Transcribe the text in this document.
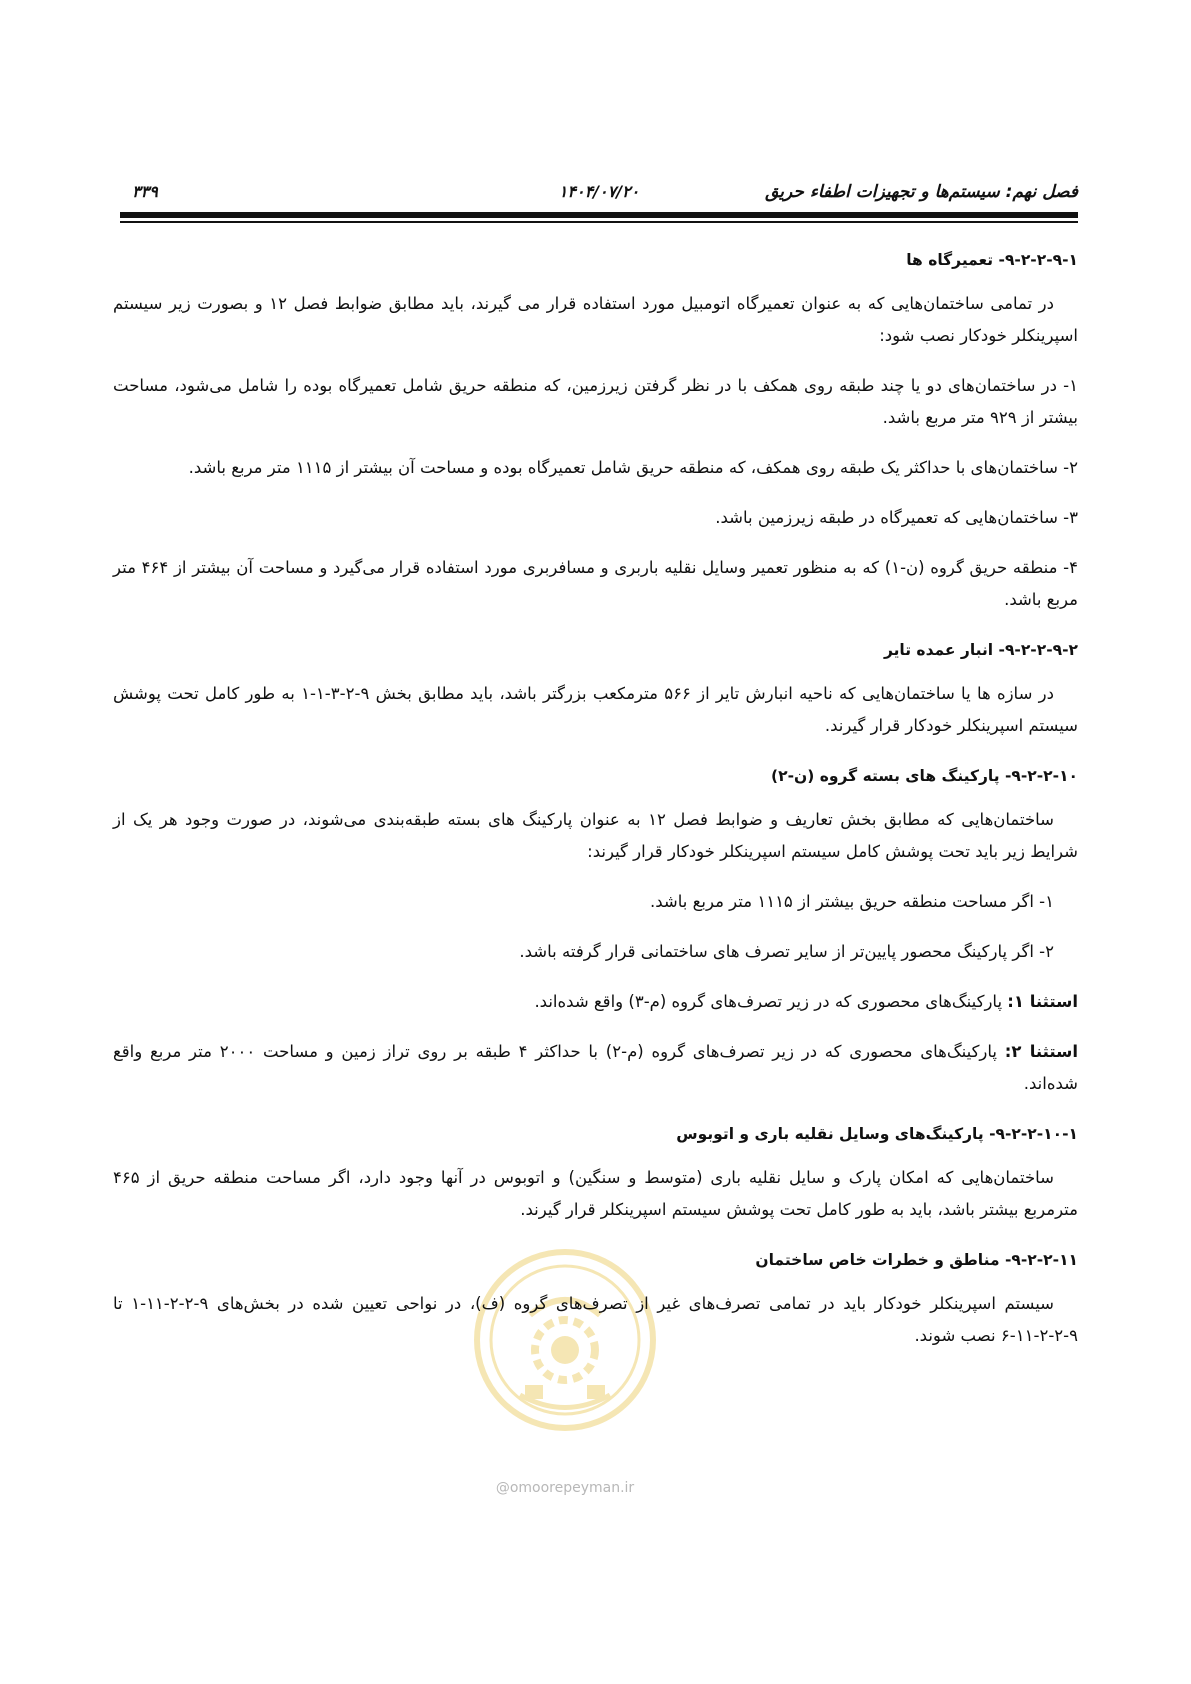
فصل نهم: سیستم‌ها و تجهیزات اطفاء حریق
۱۴۰۴/۰۷/۲۰
۳۳۹
@omoorepeyman.ir

۹-۲-۲-۹-۱- تعمیرگاه ها

در تمامی ساختمان‌هایی که به عنوان تعمیرگاه اتومبیل مورد استفاده قرار می گیرند، باید مطابق ضوابط فصل ۱۲ و بصورت زیر سیستم اسپرینکلر خودکار نصب شود:

۱- در ساختمان‌های دو یا چند طبقه روی همکف با در نظر گرفتن زیرزمین، که منطقه حریق شامل تعمیرگاه بوده را شامل می‌شود، مساحت بیشتر از ۹۲۹ متر مربع باشد.

۲- ساختمان‌های با حداکثر یک طبقه روی همکف، که منطقه حریق شامل تعمیرگاه بوده و مساحت آن بیشتر از ۱۱۱۵ متر مربع باشد.

۳- ساختمان‌هایی که تعمیرگاه در طبقه زیرزمین باشد.

۴- منطقه حریق گروه (ن-۱) که به منظور تعمیر وسایل نقلیه باربری و مسافربری مورد استفاده قرار می‌گیرد و مساحت آن بیشتر از ۴۶۴ متر مربع باشد.

۹-۲-۲-۹-۲- انبار عمده تایر

در سازه ها یا ساختمان‌هایی که ناحیه انبارش تایر از ۵۶۶ مترمکعب بزرگتر باشد، باید مطابق بخش ۹-۲-۳-۱-۱ به طور کامل تحت پوشش سیستم اسپرینکلر خودکار قرار گیرند.

۹-۲-۲-۱۰- پارکینگ های بسته گروه (ن-۲)

ساختمان‌هایی که مطابق بخش تعاریف و ضوابط فصل ۱۲ به عنوان پارکینگ های بسته طبقه‌بندی می‌شوند، در صورت وجود هر یک از شرایط زیر باید تحت پوشش کامل سیستم اسپرینکلر خودکار قرار گیرند:

۱- اگر مساحت منطقه حریق بیشتر از ۱۱۱۵ متر مربع باشد.

۲- اگر پارکینگ محصور پایین‌تر از سایر تصرف های ساختمانی قرار گرفته باشد.

استثنا ۱: پارکینگ‌های محصوری که در زیر تصرف‌های گروه (م-۳) واقع شده‌اند.

استثنا ۲: پارکینگ‌های محصوری که در زیر تصرف‌های گروه (م-۲) با حداکثر ۴ طبقه بر روی تراز زمین و مساحت ۲۰۰۰ متر مربع واقع شده‌اند.

۹-۲-۲-۱۰-۱- پارکینگ‌های وسایل نقلیه باری و اتوبوس

ساختمان‌هایی که امکان پارک و سایل نقلیه باری (متوسط و سنگین) و اتوبوس در آنها وجود دارد، اگر مساحت منطقه حریق از ۴۶۵ مترمربع بیشتر باشد، باید به طور کامل تحت پوشش سیستم اسپرینکلر قرار گیرند.

۹-۲-۲-۱۱- مناطق و خطرات خاص ساختمان

سیستم اسپرینکلر خودکار باید در تمامی تصرف‌های غیر از تصرف‌های گروه (ف)، در نواحی تعیین شده در بخش‌های ۹-۲-۲-۱۱-۱ تا ۹-۲-۲-۱۱-۶ نصب شوند.
